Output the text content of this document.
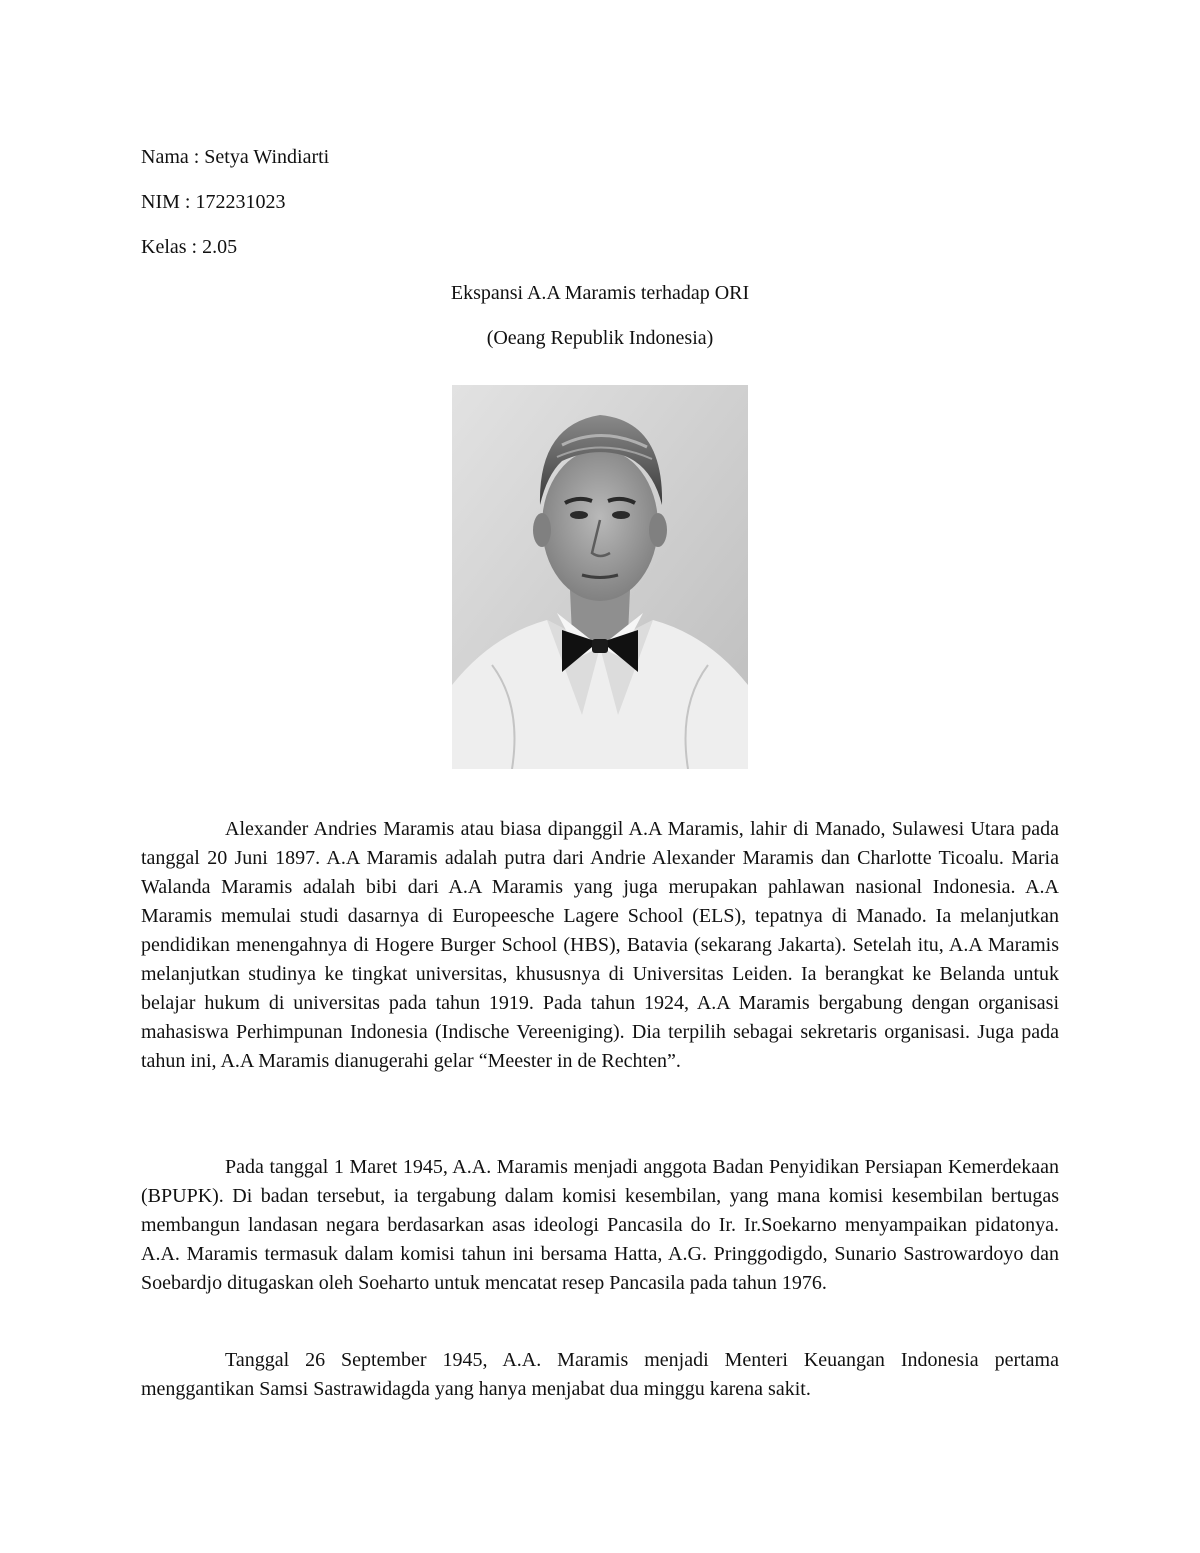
Nama : Setya Windiarti
NIM : 172231023
Kelas : 2.05
Ekspansi A.A Maramis terhadap ORI
(Oeang Republik Indonesia)

Alexander Andries Maramis atau biasa dipanggil A.A Maramis, lahir di Manado, Sulawesi Utara pada tanggal 20 Juni 1897. A.A Maramis adalah putra dari Andrie Alexander Maramis dan Charlotte Ticoalu. Maria Walanda Maramis adalah bibi dari A.A Maramis yang juga merupakan pahlawan nasional Indonesia. A.A Maramis memulai studi dasarnya di Europeesche Lagere School (ELS), tepatnya di Manado. Ia melanjutkan pendidikan menengahnya di Hogere Burger School (HBS), Batavia (sekarang Jakarta). Setelah itu, A.A Maramis melanjutkan studinya ke tingkat universitas, khususnya di Universitas Leiden. Ia berangkat ke Belanda untuk belajar hukum di universitas pada tahun 1919. Pada tahun 1924, A.A Maramis bergabung dengan organisasi mahasiswa Perhimpunan Indonesia (Indische Vereeniging). Dia terpilih sebagai sekretaris organisasi. Juga pada tahun ini, A.A Maramis dianugerahi gelar “Meester in de Rechten”.

Pada tanggal 1 Maret 1945, A.A. Maramis menjadi anggota Badan Penyidikan Persiapan Kemerdekaan (BPUPK). Di badan tersebut, ia tergabung dalam komisi kesembilan, yang mana komisi kesembilan bertugas membangun landasan negara berdasarkan asas ideologi Pancasila do Ir. Ir.Soekarno menyampaikan pidatonya. A.A. Maramis termasuk dalam komisi tahun ini bersama Hatta, A.G. Pringgodigdo, Sunario Sastrowardoyo dan Soebardjo ditugaskan oleh Soeharto untuk mencatat resep Pancasila pada tahun 1976.

Tanggal 26 September 1945, A.A. Maramis menjadi Menteri Keuangan Indonesia pertama menggantikan Samsi Sastrawidagda yang hanya menjabat dua minggu karena sakit.
